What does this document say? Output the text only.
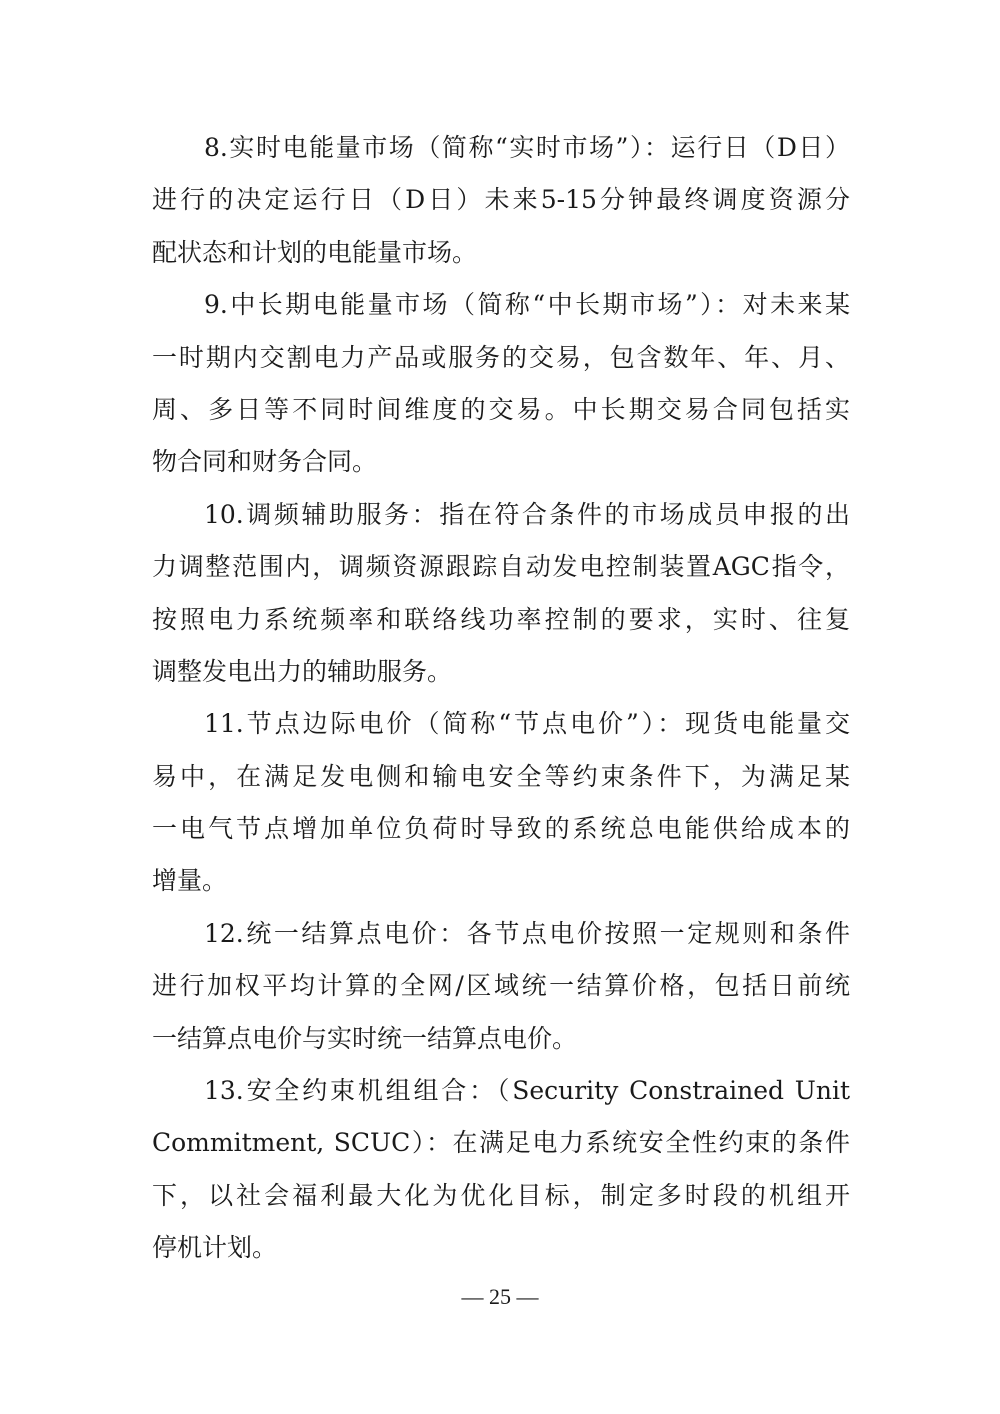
8.实时电能量市场（简称“实时市场”）：运行日（D日）
进行的决定运行日（D日）未来5-15分钟最终调度资源分
配状态和计划的电能量市场。
9.中长期电能量市场（简称“中长期市场”）：对未来某
一时期内交割电力产品或服务的交易，包含数年、年、月、
周、多日等不同时间维度的交易。中长期交易合同包括实
物合同和财务合同。
10.调频辅助服务：指在符合条件的市场成员申报的出
力调整范围内，调频资源跟踪自动发电控制装置AGC指令，
按照电力系统频率和联络线功率控制的要求，实时、往复
调整发电出力的辅助服务。
11.节点边际电价（简称“节点电价”）：现货电能量交
易中，在满足发电侧和输电安全等约束条件下，为满足某
一电气节点增加单位负荷时导致的系统总电能供给成本的
增量。
12.统一结算点电价：各节点电价按照一定规则和条件
进行加权平均计算的全网/区域统一结算价格，包括日前统
一结算点电价与实时统一结算点电价。
13.安全约束机组组合：（Security Constrained Unit
Commitment, SCUC）：在满足电力系统安全性约束的条件
下，以社会福利最大化为优化目标，制定多时段的机组开
停机计划。
— 25 —
